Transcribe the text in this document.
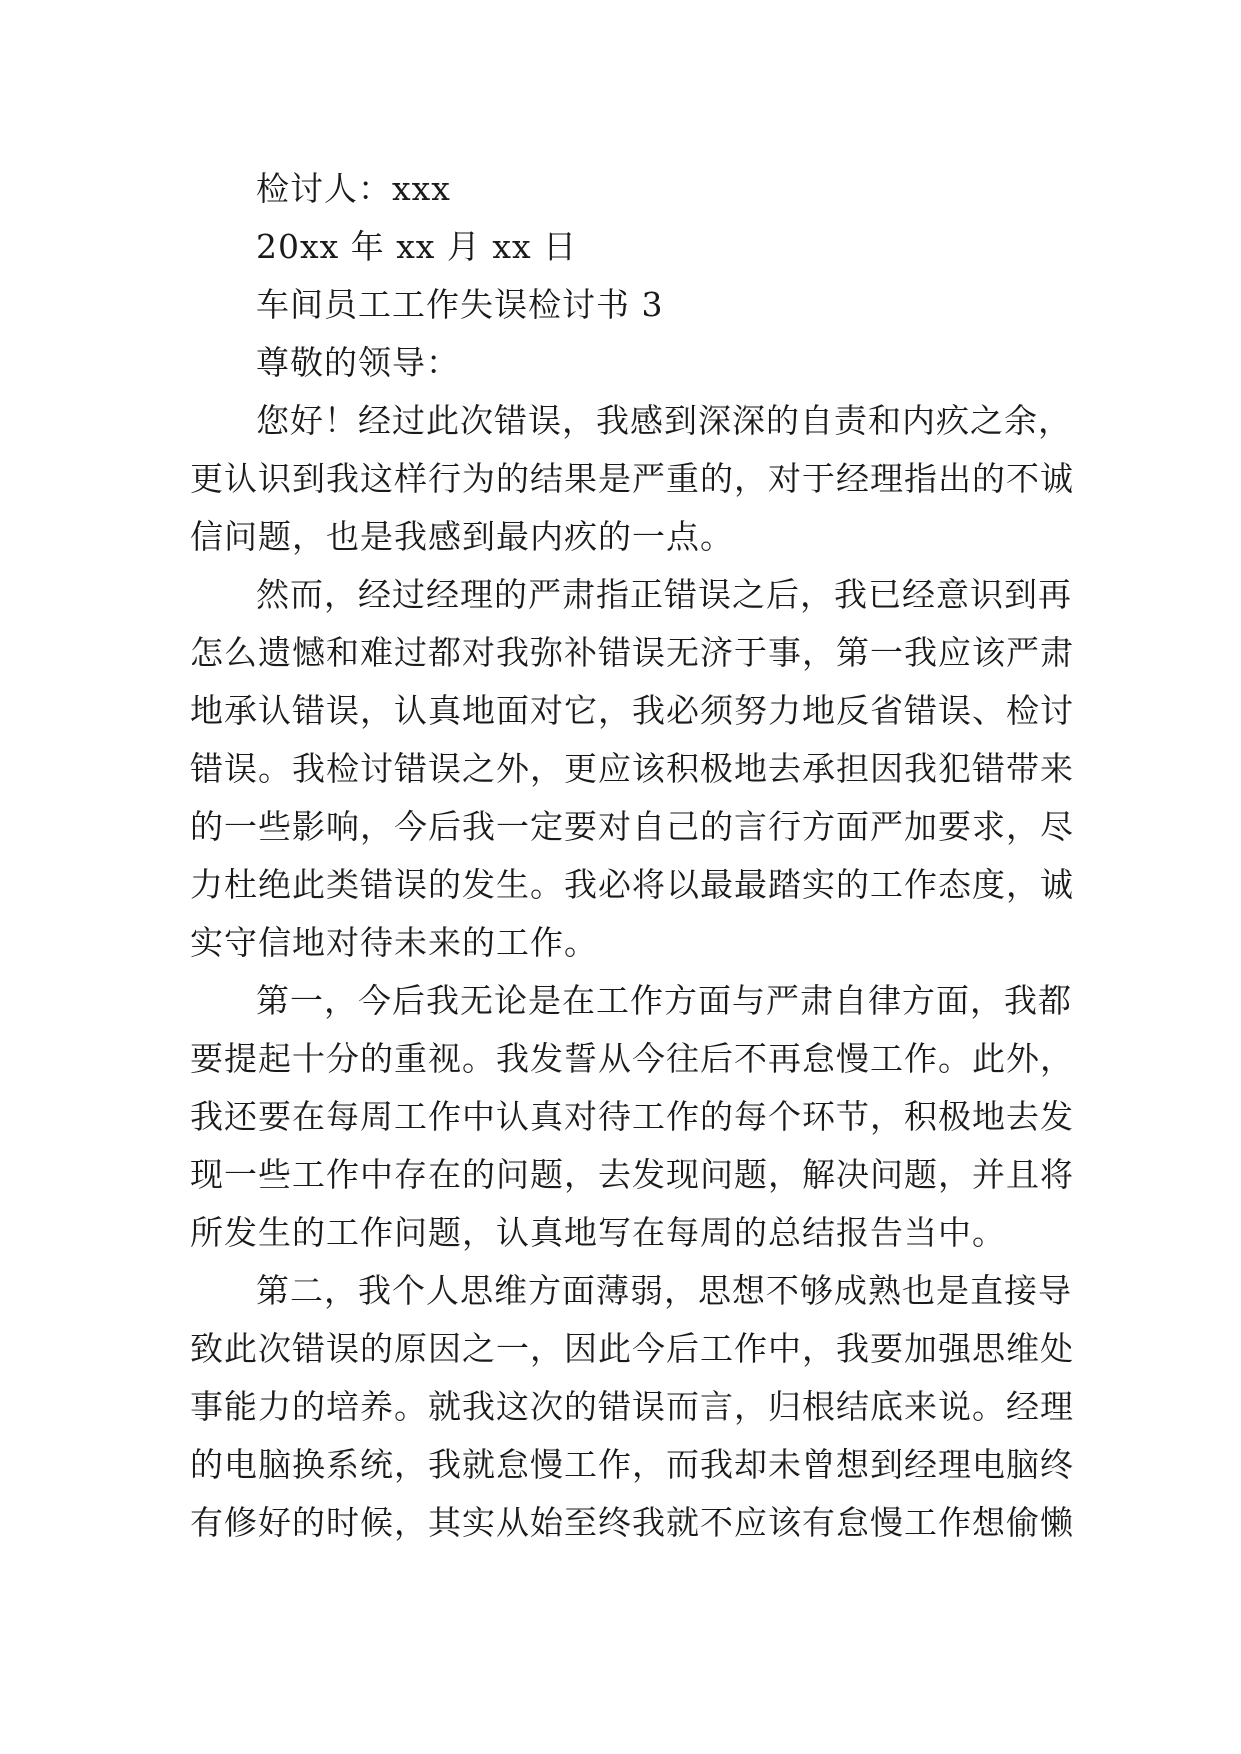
检讨人：xxx
20xx 年 xx 月 xx 日
车间员工工作失误检讨书 3
尊敬的领导：
您好！经过此次错误，我感到深深的自责和内疚之余，
更认识到我这样行为的结果是严重的，对于经理指出的不诚
信问题，也是我感到最内疚的一点。
然而，经过经理的严肃指正错误之后，我已经意识到再
怎么遗憾和难过都对我弥补错误无济于事，第一我应该严肃
地承认错误，认真地面对它，我必须努力地反省错误、检讨
错误。我检讨错误之外，更应该积极地去承担因我犯错带来
的一些影响，今后我一定要对自己的言行方面严加要求，尽
力杜绝此类错误的发生。我必将以最最踏实的工作态度，诚
实守信地对待未来的工作。
第一，今后我无论是在工作方面与严肃自律方面，我都
要提起十分的重视。我发誓从今往后不再怠慢工作。此外，
我还要在每周工作中认真对待工作的每个环节，积极地去发
现一些工作中存在的问题，去发现问题，解决问题，并且将
所发生的工作问题，认真地写在每周的总结报告当中。
第二，我个人思维方面薄弱，思想不够成熟也是直接导
致此次错误的原因之一，因此今后工作中，我要加强思维处
事能力的培养。就我这次的错误而言，归根结底来说。经理
的电脑换系统，我就怠慢工作，而我却未曾想到经理电脑终
有修好的时候，其实从始至终我就不应该有怠慢工作想偷懒
